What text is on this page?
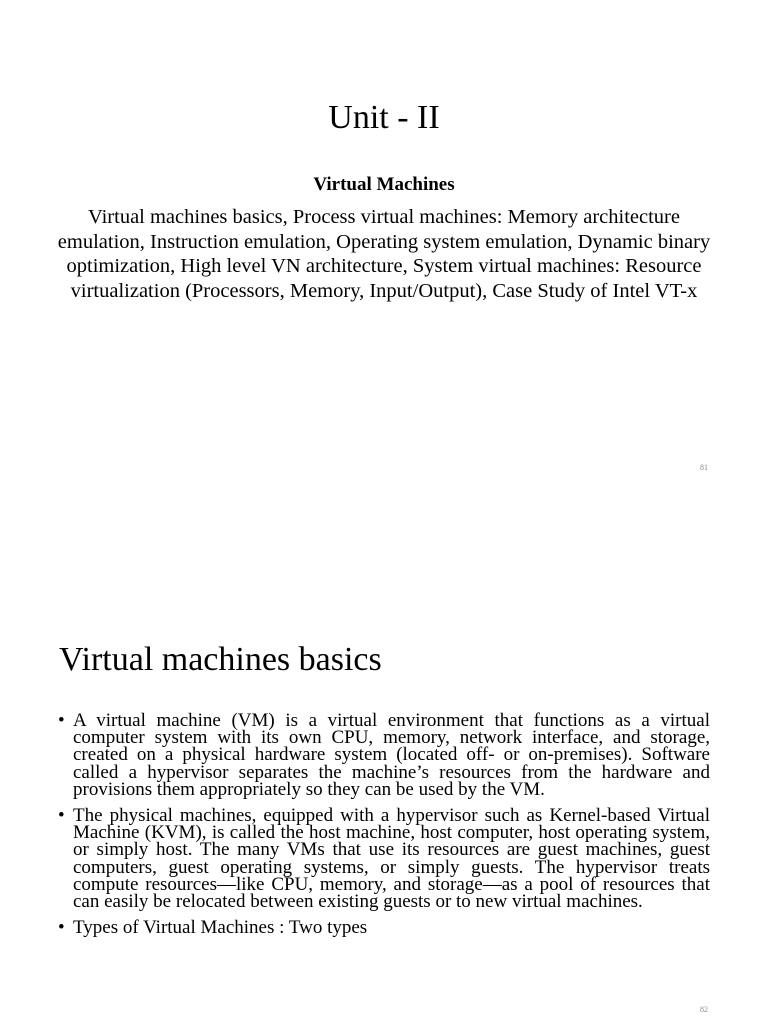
Unit - II
Virtual Machines

Virtual machines basics, Process virtual machines: Memory architecture emulation, Instruction emulation, Operating system emulation, Dynamic binary optimization, High level VN architecture, System virtual machines: Resource virtualization (Processors, Memory, Input/Output), Case Study of Intel VT-x

81
Virtual machines basics
• A virtual machine (VM) is a virtual environment that functions as a virtual computer system with its own CPU, memory, network interface, and storage, created on a physical hardware system (located off- or on-premises). Software called a hypervisor separates the machine’s resources from the hardware and provisions them appropriately so they can be used by the VM.
• The physical machines, equipped with a hypervisor such as Kernel-based Virtual Machine (KVM), is called the host machine, host computer, host operating system, or simply host. The many VMs that use its resources are guest machines, guest computers, guest operating systems, or simply guests. The hypervisor treats compute resources—like CPU, memory, and storage—as a pool of resources that can easily be relocated between existing guests or to new virtual machines.
• Types of Virtual Machines : Two types
82
